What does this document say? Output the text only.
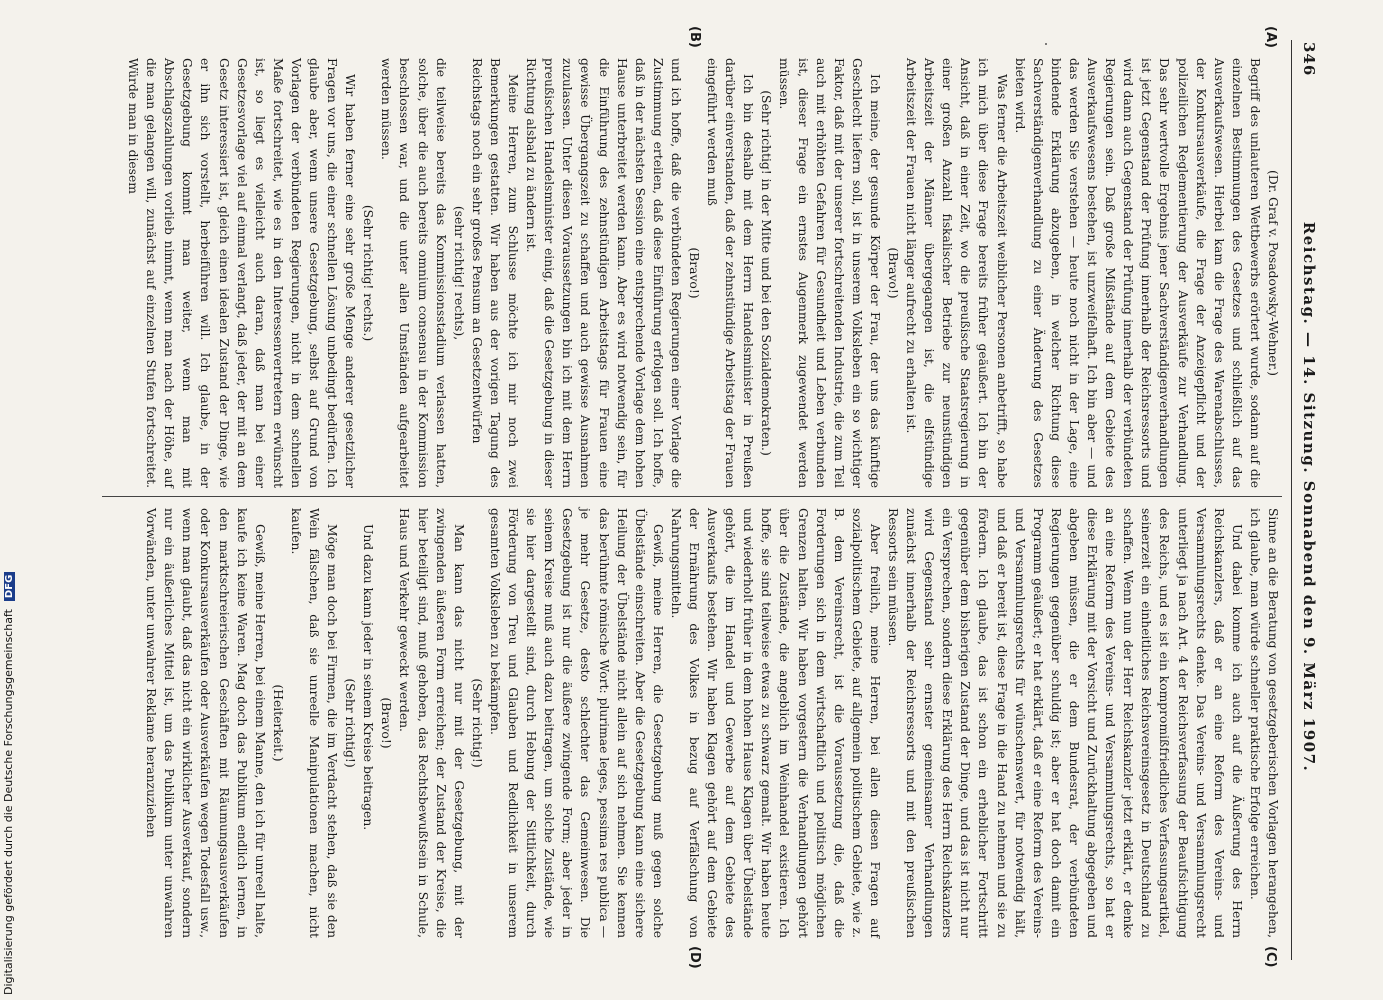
346
Reichstag. — 14. Sitzung. Sonnabend den 9. März 1907.
(A)
(B)
(C)
(D)

(Dr. Graf v. Posadowsky-Wehner.)

Begriff des unlauteren Wettbewerbs erörtert wurde, sodann auf die einzelnen Bestimmungen des Gesetzes und schließlich auf das Ausverkaufswesen. Hierbei kam die Frage des Warenabschlusses, der Konkursausverkäufe, die Frage der Anzeigepflicht und der polizeilichen Reglementierung der Ausverkäufe zur Verhandlung. Das sehr wertvolle Ergebnis jener Sachverständigenverhandlungen ist jetzt Gegenstand der Prüfung innerhalb der Reichsressorts und wird dann auch Gegenstand der Prüfung innerhalb der verbündeten Regierungen sein. Daß große Mißstände auf dem Gebiete des Ausverkaufswesens bestehen, ist unzweifelhaft. Ich bin aber — und das werden Sie verstehen — heute noch nicht in der Lage, eine bindende Erklärung abzugeben, in welcher Richtung diese Sachverständigenverhandlung zu einer Änderung des Gesetzes bieten wird.

Was ferner die Arbeitszeit weiblicher Personen anbetrifft, so habe ich mich über diese Frage bereits früher geäußert. Ich bin der Ansicht, daß in einer Zeit, wo die preußische Staatsregierung in einer großen Anzahl fiskalischer Betriebe zur neunstündigen Arbeitszeit der Männer übergegangen ist, die elfstündige Arbeitszeit der Frauen nicht länger aufrecht zu erhalten ist.

(Bravo!)

Ich meine, der gesunde Körper der Frau, der uns das künftige Geschlecht liefern soll, ist in unserem Volksleben ein so wichtiger Faktor, daß mit der unserer fortschreitenden Industrie, die zum Teil auch mit erhöhten Gefahren für Gesundheit und Leben verbunden ist, dieser Frage ein ernstes Augenmerk zugewendet werden müssen.

(Sehr richtig! in der Mitte und bei den Sozialdemokraten.)

Ich bin deshalb mit dem Herrn Handelsminister in Preußen darüber einverstanden, daß der zehnstündige Arbeitstag der Frauen eingeführt werden muß

(Bravo!)

und ich hoffe, daß die verbündeten Regierungen einer Vorlage die Zustimmung erteilen, daß diese Einführung erfolgen soll. Ich hoffe, daß in der nächsten Session eine entsprechende Vorlage dem hohen Hause unterbreitet werden kann. Aber es wird notwendig sein, für die Einführung des zehnstündigen Arbeitstags für Frauen eine gewisse Übergangszeit zu schaffen und auch gewisse Ausnahmen zuzulassen. Unter diesen Voraussetzungen bin ich mit dem Herrn preußischen Handelsminister einig, daß die Gesetzgebung in dieser Richtung alsbald zu ändern ist.

Meine Herren, zum Schlusse möchte ich mir noch zwei Bemerkungen gestatten. Wir haben aus der vorigen Tagung des Reichstags noch ein sehr großes Pensum an Gesetzentwürfen

(sehr richtig! rechts),

die teilweise bereits das Kommissionsstadium verlassen hatten, solche, über die auch bereits omnium consensu in der Kommission beschlossen war, und die unter allen Umständen aufgearbeitet werden müssen.

(Sehr richtig! rechts.)

Wir haben ferner eine sehr große Menge anderer gesetzlicher Fragen vor uns, die einer schnellen Lösung unbedingt bedürfen. Ich glaube aber, wenn unsere Gesetzgebung, selbst auf Grund von Vorlagen der verbündeten Regierungen, nicht in dem schnellen Maße fortschreitet, wie es in den Interessenvertretern erwünscht ist, so liegt es vielleicht auch daran, daß man bei einer Gesetzesvorlage viel auf einmal verlangt, daß jeder, der mit an dem Gesetz interessiert ist, gleich einen idealen Zustand der Dinge, wie er ihn sich vorstellt, herbeiführen will. Ich glaube, in der Gesetzgebung kommt man weiter, wenn man mit Abschlagszahlungen vorlieb nimmt, wenn man nach der Höhe, auf die man gelangen will, zunächst auf einzelnen Stufen fortschreitet. Würde man in diesem

Sinne an die Beratung von gesetzgeberischen Vorlagen herangehen, ich glaube, man würde schneller praktische Erfolge erreichen.

Und dabei komme ich auch auf die Äußerung des Herrn Reichskanzlers, daß er an eine Reform des Vereins- und Versammlungsrechts denke. Das Vereins- und Versammlungsrecht unterliegt ja nach Art. 4 der Reichsverfassung der Beaufsichtigung des Reichs, und es ist ein kompromißfriedliches Verfassungsartikel, seinerzeit ein einheitliches Reichsvereinsgesetz in Deutschland zu schaffen. Wenn nun der Herr Reichskanzler jetzt erklärt, er denke an eine Reform des Vereins- und Versammlungsrechts, so hat er diese Erklärung mit der Vorsicht und Zurückhaltung abgegeben und abgeben müssen, die er dem Bundesrat, der verbündeten Regierungen gegenüber schuldig ist; aber er hat doch damit ein Programm geäußert; er hat erklärt, daß er eine Reform des Vereins- und Versammlungsrechts für wünschenswert, für notwendig hält, und daß er bereit ist, diese Frage in die Hand zu nehmen und sie zu fördern. Ich glaube, das ist schon ein erheblicher Fortschritt gegenüber dem bisherigen Zustand der Dinge, und das ist nicht nur ein Versprechen, sondern diese Erklärung des Herrn Reichskanzlers wird Gegenstand sehr ernster gemeinsamer Verhandlungen zunächst innerhalb der Reichsressorts und mit den preußischen Ressorts sein müssen.

Aber freilich, meine Herren, bei allen diesen Fragen auf sozialpolitischem Gebiete, auf allgemein politischem Gebiete, wie z. B. dem Vereinsrecht, ist die Voraussetzung die, daß die Forderungen sich in dem wirtschaftlich und politisch möglichen Grenzen halten. Wir haben vorgestern die Verhandlungen gehört über die Zustände, die angeblich im Weinhandel existieren. Ich hoffe, sie sind teilweise etwas zu schwarz gemalt. Wir haben heute und wiederholt früher in dem hohen Hause Klagen über Übelstände gehört, die im Handel und Gewerbe auf dem Gebiete des Ausverkaufs bestehen. Wir haben Klagen gehört auf dem Gebiete der Ernährung des Volkes in bezug auf Verfälschung von Nahrungsmitteln.

Gewiß, meine Herren, die Gesetzgebung muß gegen solche Übelstände einschreiten. Aber die Gesetzgebung kann eine sichere Heilung der Übelstände nicht allein auf sich nehmen. Sie kennen das berühmte römische Wort: plurimae leges, pessima res publica — je mehr Gesetze, desto schlechter das Gemeinwesen. Die Gesetzgebung ist nur die äußere zwingende Form; aber jeder in seinem Kreise muß auch dazu beitragen, um solche Zustände, wie sie hier dargestellt sind, durch Hebung der Sittlichkeit, durch Förderung von Treu und Glauben und Redlichkeit in unserem gesamten Volksleben zu bekämpfen.

(Sehr richtig!)

Man kann das nicht nur mit der Gesetzgebung, mit der zwingenden äußeren Form erreichen; der Zustand der Kreise, die hier beteiligt sind, muß gehoben, das Rechtsbewußtsein in Schule, Haus und Verkehr geweckt werden.

(Bravo!)

Und dazu kann jeder in seinem Kreise beitragen.

(Sehr richtig!)

Möge man doch bei Firmen, die im Verdacht stehen, daß sie den Wein fälschen, daß sie unreelle Manipulationen machen, nicht kaufen.

(Heiterkeit.)

Gewiß, meine Herren, bei einem Manne, den ich für unreell halte, kaufe ich keine Waren. Mag doch das Publikum endlich lernen, in den marktschreierischen Geschäften mit Räumungsausverkäufen oder Konkursausverkäufen oder Ausverkäufen wegen Todesfall usw., wenn man glaubt, daß das nicht ein wirklicher Ausverkauf, sondern nur ein äußerliches Mittel ist, um das Publikum unter unwahren Vorwänden, unter unwahrer Reklame heranzuziehen

Digitalisierung gefördert durch die Deutsche ForschungsgemeinschaftDFG
